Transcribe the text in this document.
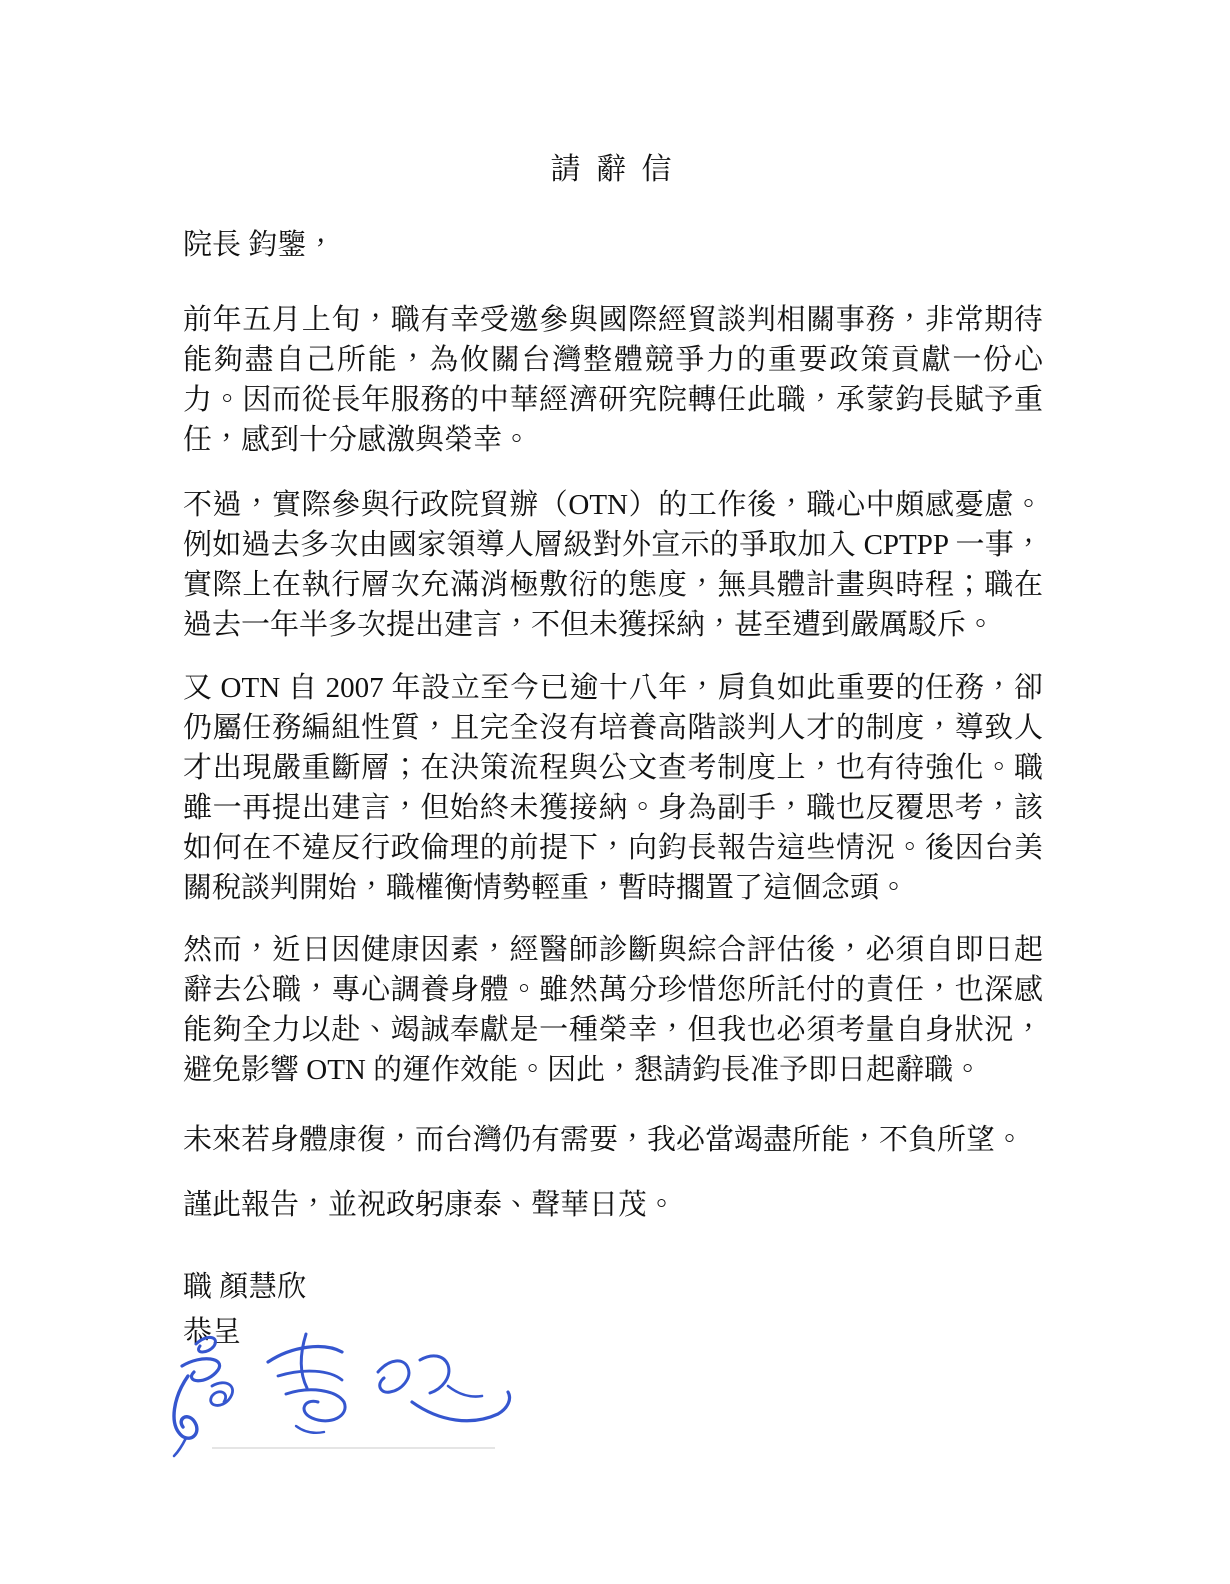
請 辭 信

院長 鈞鑒，

前年五月上旬，職有幸受邀參與國際經貿談判相關事務，非常期待能夠盡自己所能，為攸關台灣整體競爭力的重要政策貢獻一份心力。因而從長年服務的中華經濟研究院轉任此職，承蒙鈞長賦予重任，感到十分感激與榮幸。

不過，實際參與行政院貿辦（OTN）的工作後，職心中頗感憂慮。例如過去多次由國家領導人層級對外宣示的爭取加入 CPTPP 一事，實際上在執行層次充滿消極敷衍的態度，無具體計畫與時程；職在過去一年半多次提出建言，不但未獲採納，甚至遭到嚴厲駁斥。

又 OTN 自 2007 年設立至今已逾十八年，肩負如此重要的任務，卻仍屬任務編組性質，且完全沒有培養高階談判人才的制度，導致人才出現嚴重斷層；在決策流程與公文查考制度上，也有待強化。職雖一再提出建言，但始終未獲接納。身為副手，職也反覆思考，該如何在不違反行政倫理的前提下，向鈞長報告這些情況。後因台美關稅談判開始，職權衡情勢輕重，暫時擱置了這個念頭。

然而，近日因健康因素，經醫師診斷與綜合評估後，必須自即日起辭去公職，專心調養身體。雖然萬分珍惜您所託付的責任，也深感能夠全力以赴、竭誠奉獻是一種榮幸，但我也必須考量自身狀況，避免影響 OTN 的運作效能。因此，懇請鈞長准予即日起辭職。

未來若身體康復，而台灣仍有需要，我必當竭盡所能，不負所望。

謹此報告，並祝政躬康泰、聲華日茂。

職 顏慧欣
恭呈
